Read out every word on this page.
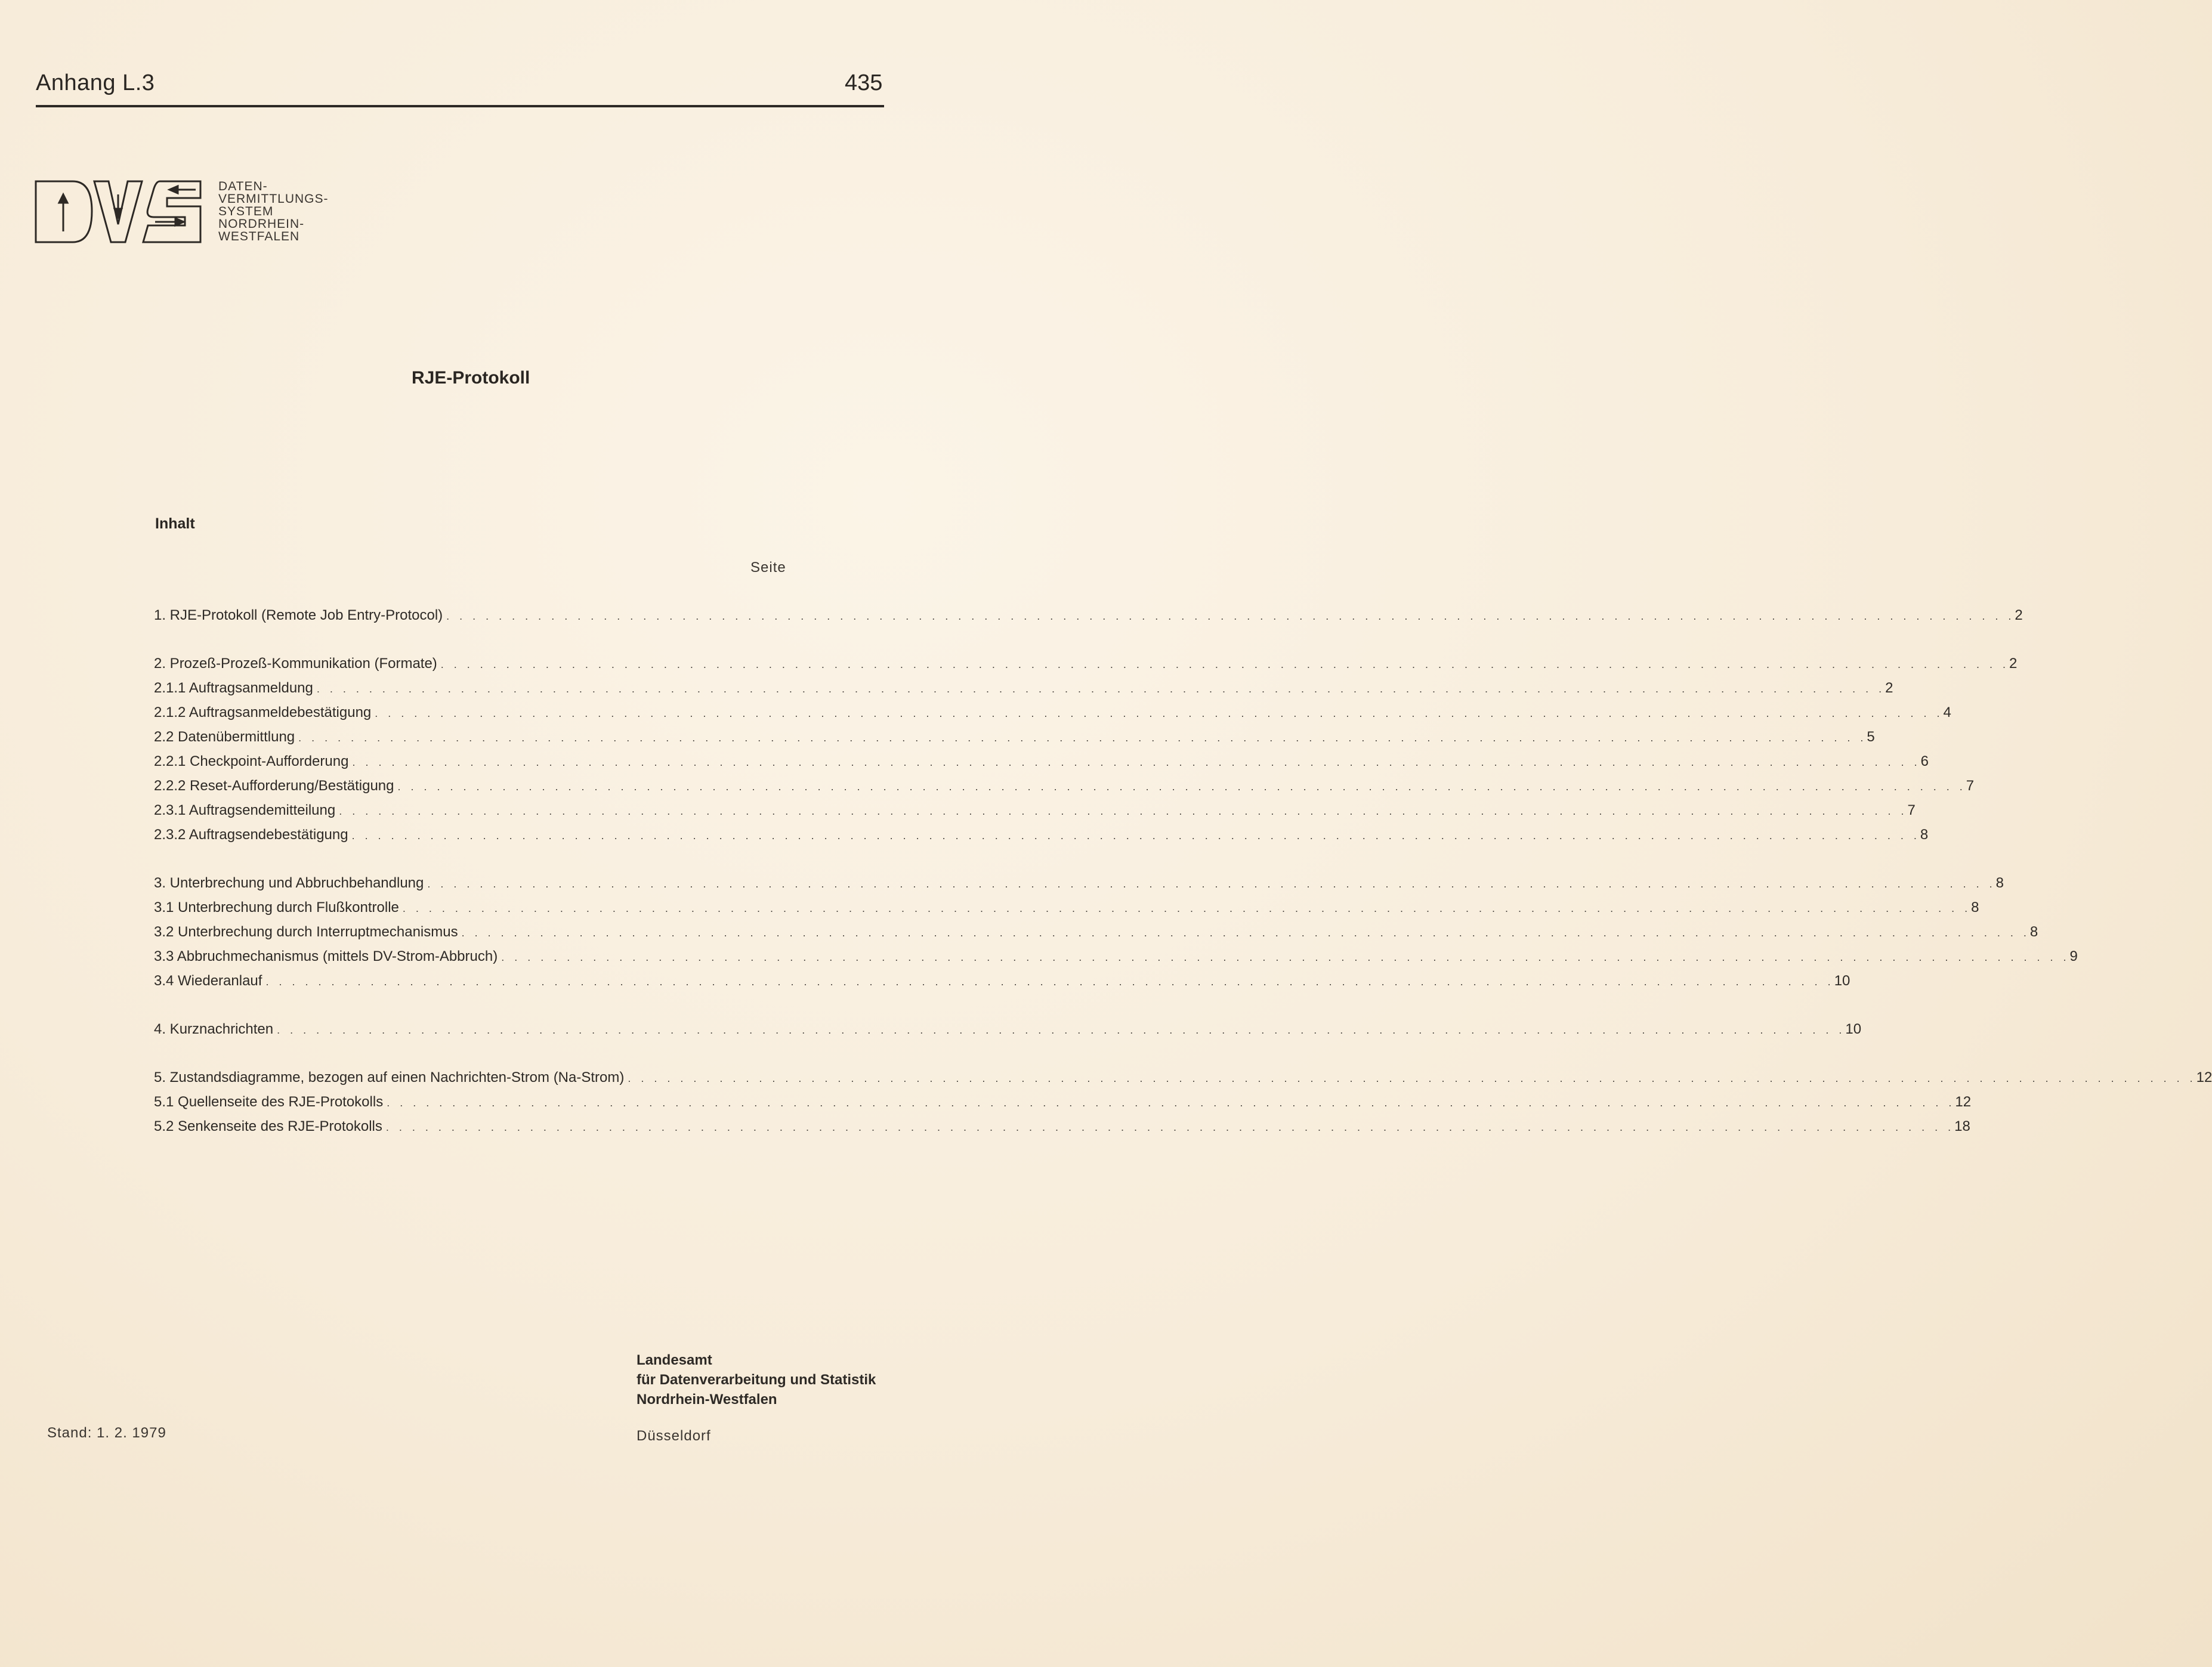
Anhang L.3	435
DATEN-
VERMITTLUNGS-
SYSTEM
NORDRHEIN-
WESTFALEN
RJE-Protokoll
Inhalt
Seite
1. RJE-Protokoll (Remote Job Entry-Protocol) . . . . . . . . . . . . . . . . . . . . . . . . . . . . . . . . . . . . . . . . . . . . . . . . . . . . . . . . . . . . . . . . . . . . . . . . . . . . . . . . . . . . . . . . . . . . . . . . . . . . . . . . . . . . . . . . . . . . . . . . 2
2. Prozeß-Prozeß-Kommunikation (Formate) . . . . . . . . . . . . . . . . . . . . . . . . . . . . . . . . . . . . . . . . . . . . . . . . . . . . . . . . . . . . . . . . . . . . . . . . . . . . . . . . . . . . . . . . . . . . . . . . . . . . . . . . . . . . . . . . . . . . . . . . 2
2.1.1 Auftragsanmeldung . . . . . . . . . . . . . . . . . . . . . . . . . . . . . . . . . . . . . . . . . . . . . . . . . . . . . . . . . . . . . . . . . . . . . . . . . . . . . . . . . . . . . . . . . . . . . . . . . . . . . . . . . . . . . . . . . . . . . . . . 2
2.1.2 Auftragsanmeldebestätigung . . . . . . . . . . . . . . . . . . . . . . . . . . . . . . . . . . . . . . . . . . . . . . . . . . . . . . . . . . . . . . . . . . . . . . . . . . . . . . . . . . . . . . . . . . . . . . . . . . . . . . . . . . . . . . . . . . . . . . . . 4
2.2 Datenübermittlung . . . . . . . . . . . . . . . . . . . . . . . . . . . . . . . . . . . . . . . . . . . . . . . . . . . . . . . . . . . . . . . . . . . . . . . . . . . . . . . . . . . . . . . . . . . . . . . . . . . . . . . . . . . . . . . . . . . . . . . . 5
2.2.1 Checkpoint-Aufforderung . . . . . . . . . . . . . . . . . . . . . . . . . . . . . . . . . . . . . . . . . . . . . . . . . . . . . . . . . . . . . . . . . . . . . . . . . . . . . . . . . . . . . . . . . . . . . . . . . . . . . . . . . . . . . . . . . . . . . . . . 6
2.2.2 Reset-Aufforderung/Bestätigung . . . . . . . . . . . . . . . . . . . . . . . . . . . . . . . . . . . . . . . . . . . . . . . . . . . . . . . . . . . . . . . . . . . . . . . . . . . . . . . . . . . . . . . . . . . . . . . . . . . . . . . . . . . . . . . . . . . . . . . . 7
2.3.1 Auftragsendemitteilung . . . . . . . . . . . . . . . . . . . . . . . . . . . . . . . . . . . . . . . . . . . . . . . . . . . . . . . . . . . . . . . . . . . . . . . . . . . . . . . . . . . . . . . . . . . . . . . . . . . . . . . . . . . . . . . . . . . . . . . . 7
2.3.2 Auftragsendebestätigung . . . . . . . . . . . . . . . . . . . . . . . . . . . . . . . . . . . . . . . . . . . . . . . . . . . . . . . . . . . . . . . . . . . . . . . . . . . . . . . . . . . . . . . . . . . . . . . . . . . . . . . . . . . . . . . . . . . . . . . . 8
3. Unterbrechung und Abbruchbehandlung . . . . . . . . . . . . . . . . . . . . . . . . . . . . . . . . . . . . . . . . . . . . . . . . . . . . . . . . . . . . . . . . . . . . . . . . . . . . . . . . . . . . . . . . . . . . . . . . . . . . . . . . . . . . . . . . . . . . . . . . 8
3.1 Unterbrechung durch Flußkontrolle . . . . . . . . . . . . . . . . . . . . . . . . . . . . . . . . . . . . . . . . . . . . . . . . . . . . . . . . . . . . . . . . . . . . . . . . . . . . . . . . . . . . . . . . . . . . . . . . . . . . . . . . . . . . . . . . . . . . . . . . 8
3.2 Unterbrechung durch Interruptmechanismus . . . . . . . . . . . . . . . . . . . . . . . . . . . . . . . . . . . . . . . . . . . . . . . . . . . . . . . . . . . . . . . . . . . . . . . . . . . . . . . . . . . . . . . . . . . . . . . . . . . . . . . . . . . . . . . . . . . . . . . . 8
3.3 Abbruchmechanismus (mittels DV-Strom-Abbruch) . . . . . . . . . . . . . . . . . . . . . . . . . . . . . . . . . . . . . . . . . . . . . . . . . . . . . . . . . . . . . . . . . . . . . . . . . . . . . . . . . . . . . . . . . . . . . . . . . . . . . . . . . . . . . . . . . . . . . . . . 9
3.4 Wiederanlauf . . . . . . . . . . . . . . . . . . . . . . . . . . . . . . . . . . . . . . . . . . . . . . . . . . . . . . . . . . . . . . . . . . . . . . . . . . . . . . . . . . . . . . . . . . . . . . . . . . . . . . . . . . . . . . . . . . . . . . . . 10
4. Kurznachrichten . . . . . . . . . . . . . . . . . . . . . . . . . . . . . . . . . . . . . . . . . . . . . . . . . . . . . . . . . . . . . . . . . . . . . . . . . . . . . . . . . . . . . . . . . . . . . . . . . . . . . . . . . . . . . . . . . . . . . . . . 10
5. Zustandsdiagramme, bezogen auf einen Nachrichten-Strom (Na-Strom) . . . . . . . . . . . . . . . . . . . . . . . . . . . . . . . . . . . . . . . . . . . . . . . . . . . . . . . . . . . . . . . . . . . . . . . . . . . . . . . . . . . . . . . . . . . . . . . . . . . . . . . . . . . . . . . . . . . . . . . . 12
5.1 Quellenseite des RJE-Protokolls . . . . . . . . . . . . . . . . . . . . . . . . . . . . . . . . . . . . . . . . . . . . . . . . . . . . . . . . . . . . . . . . . . . . . . . . . . . . . . . . . . . . . . . . . . . . . . . . . . . . . . . . . . . . . . . . . . . . . . . . 12
5.2 Senkenseite des RJE-Protokolls . . . . . . . . . . . . . . . . . . . . . . . . . . . . . . . . . . . . . . . . . . . . . . . . . . . . . . . . . . . . . . . . . . . . . . . . . . . . . . . . . . . . . . . . . . . . . . . . . . . . . . . . . . . . . . . . . . . . . . . . 18
Stand: 1. 2. 1979
Landesamt
für Datenverarbeitung und Statistik
Nordrhein-Westfalen
Düsseldorf
